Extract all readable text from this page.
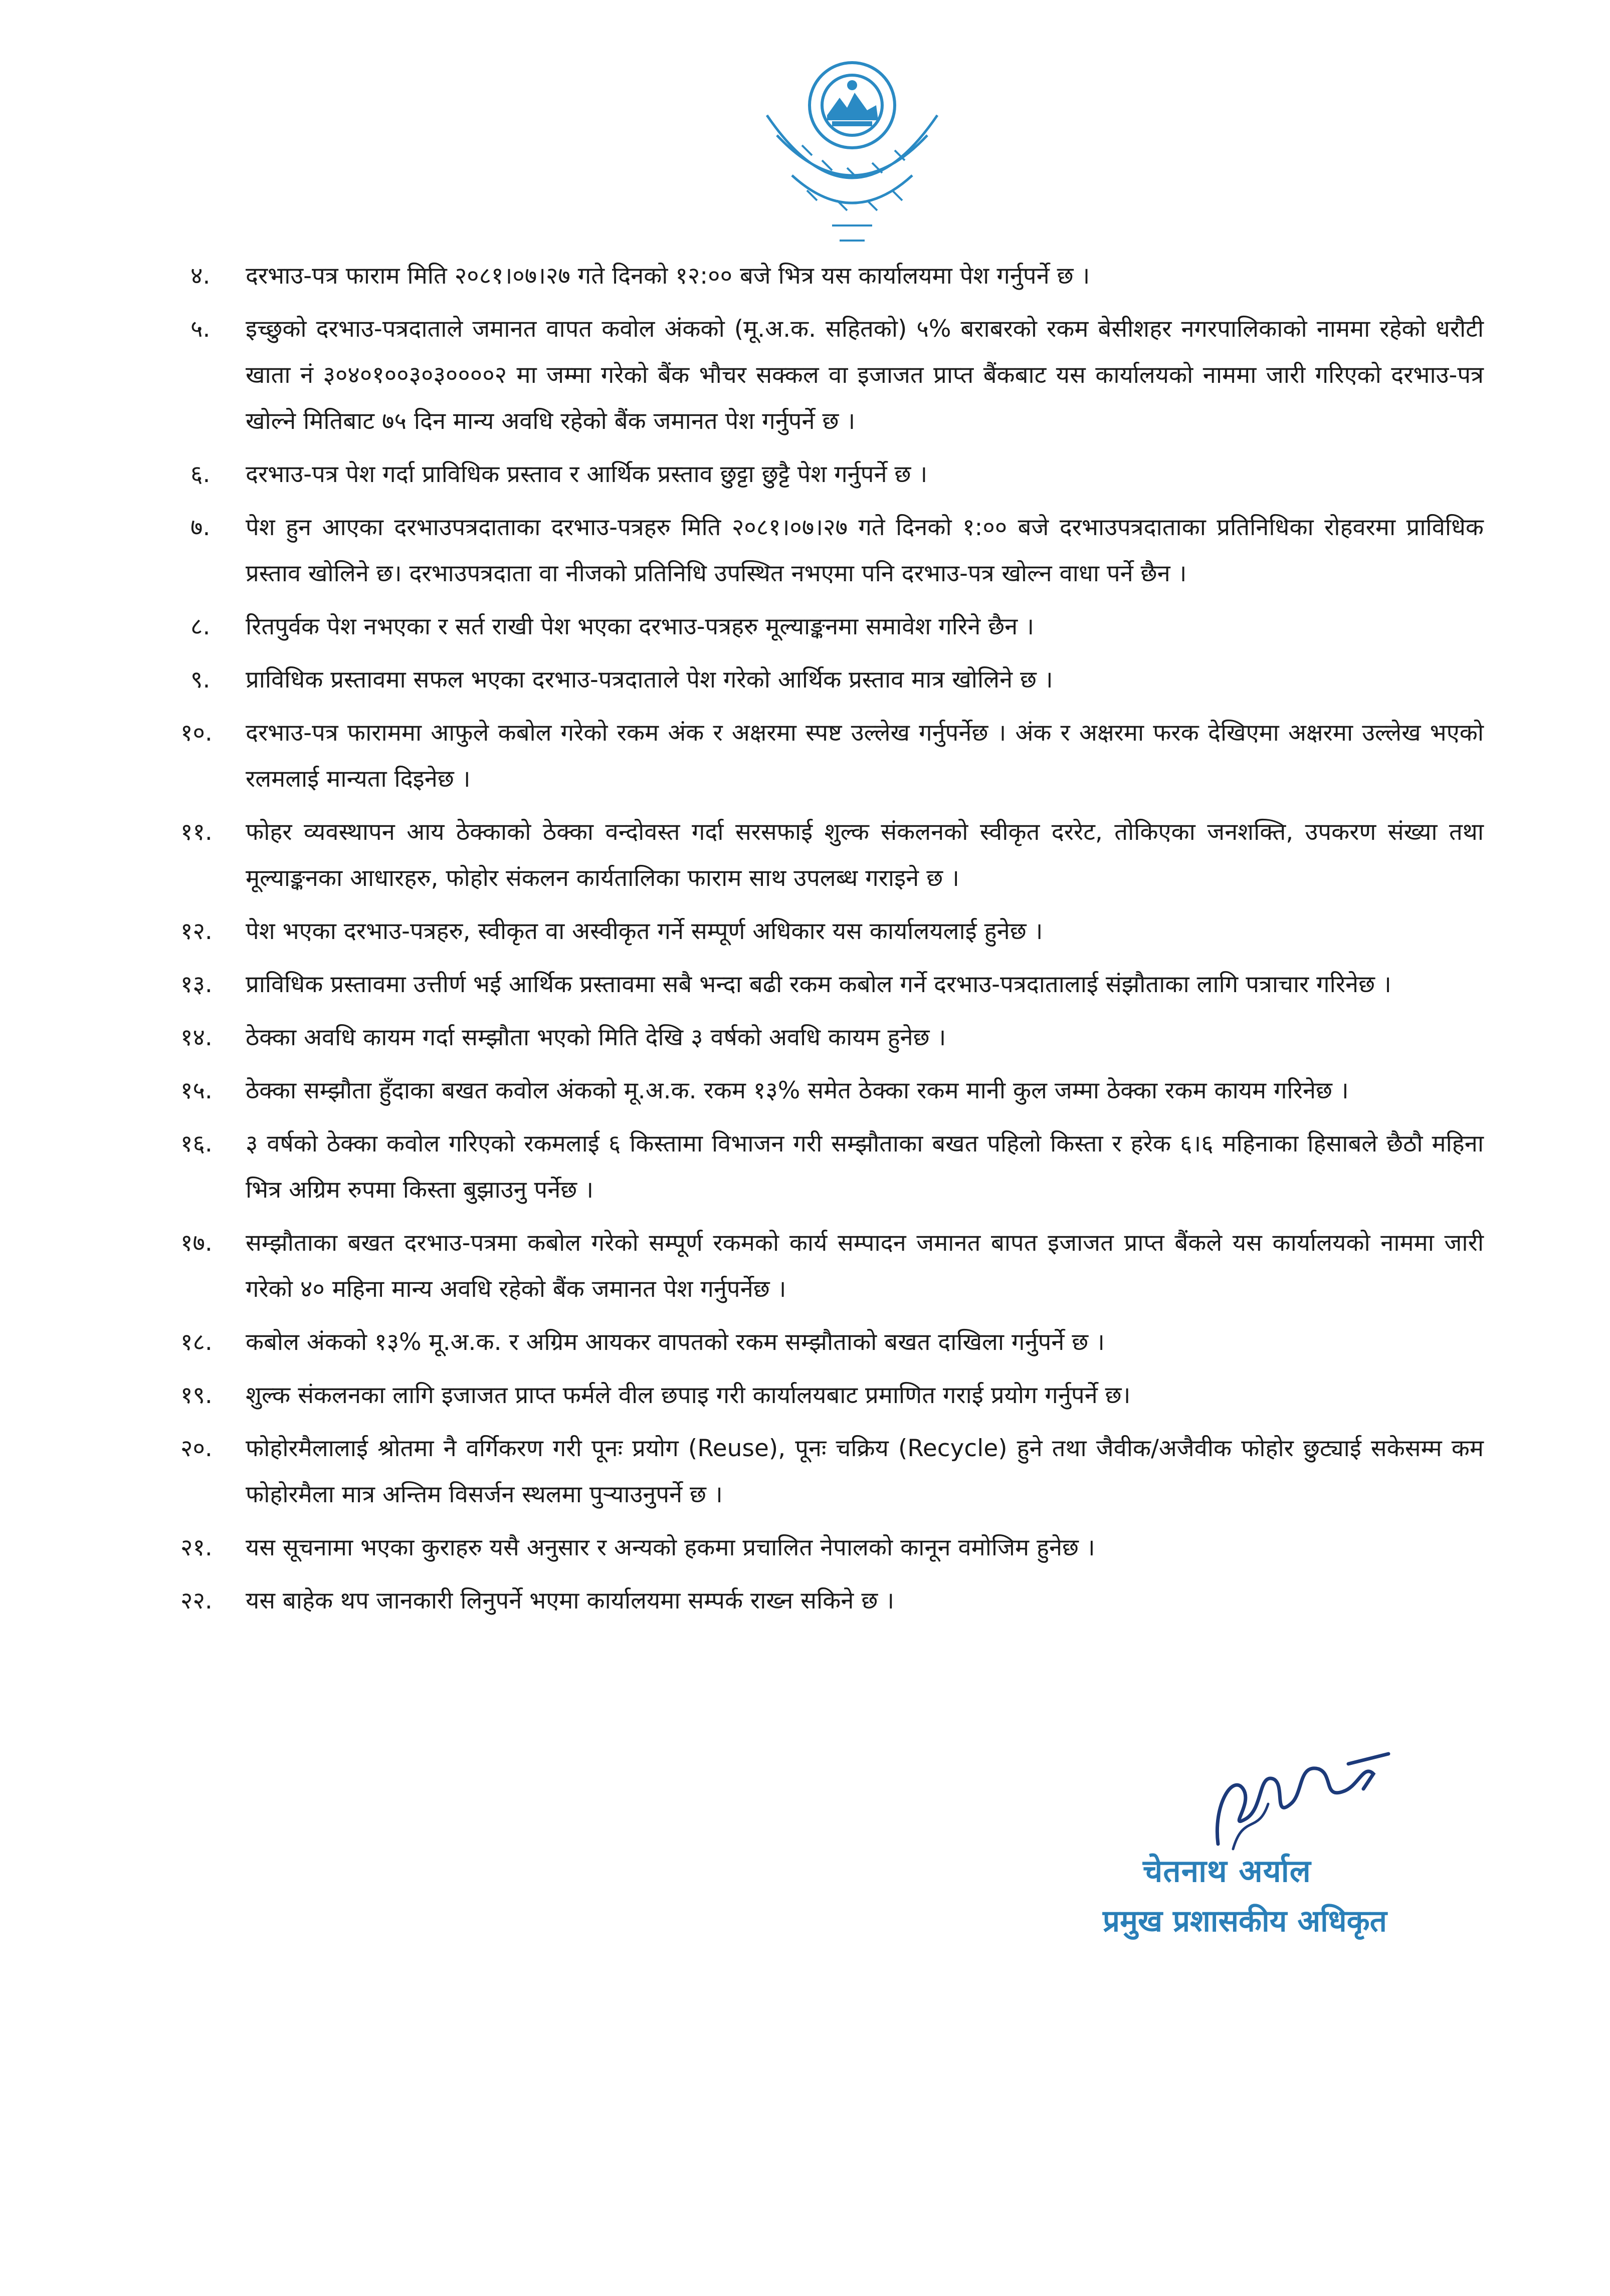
४. दरभाउ-पत्र फाराम मिति २०८१।०७।२७ गते दिनको १२:०० बजे भित्र यस कार्यालयमा पेश गर्नुपर्ने छ ।
५. इच्छुको दरभाउ-पत्रदाताले जमानत वापत कवोल अंकको (मू.अ.क. सहितको) ५% बराबरको रकम बेसीशहर नगरपालिकाको नाममा रहेको धरौटी खाता नं ३०४०१००३०३००००२ मा जम्मा गरेको बैंक भौचर सक्कल वा इजाजत प्राप्त बैंकबाट यस कार्यालयको नाममा जारी गरिएको दरभाउ-पत्र खोल्ने मितिबाट ७५ दिन मान्य अवधि रहेको बैंक जमानत पेश गर्नुपर्ने छ ।
६. दरभाउ-पत्र पेश गर्दा प्राविधिक प्रस्ताव र आर्थिक प्रस्ताव छुट्टा छुट्टै पेश गर्नुपर्ने छ ।
७. पेश हुन आएका दरभाउपत्रदाताका दरभाउ-पत्रहरु मिति २०८१।०७।२७ गते दिनको १:०० बजे दरभाउपत्रदाताका प्रतिनिधिका रोहवरमा प्राविधिक प्रस्ताव खोलिने छ। दरभाउपत्रदाता वा नीजको प्रतिनिधि उपस्थित नभएमा पनि दरभाउ-पत्र खोल्न वाधा पर्ने छैन ।
८. रितपुर्वक पेश नभएका र सर्त राखी पेश भएका दरभाउ-पत्रहरु मूल्याङ्कनमा समावेश गरिने छैन ।
९. प्राविधिक प्रस्तावमा सफल भएका दरभाउ-पत्रदाताले पेश गरेको आर्थिक प्रस्ताव मात्र खोलिने छ ।
१०. दरभाउ-पत्र फाराममा आफुले कबोल गरेको रकम अंक र अक्षरमा स्पष्ट उल्लेख गर्नुपर्नेछ । अंक र अक्षरमा फरक देखिएमा अक्षरमा उल्लेख भएको रलमलाई मान्यता दिइनेछ ।
११. फोहर व्यवस्थापन आय ठेक्काको ठेक्का वन्दोवस्त गर्दा सरसफाई शुल्क संकलनको स्वीकृत दररेट, तोकिएका जनशक्ति, उपकरण संख्या तथा मूल्याङ्कनका आधारहरु, फोहोर संकलन कार्यतालिका फाराम साथ उपलब्ध गराइने छ ।
१२. पेश भएका दरभाउ-पत्रहरु, स्वीकृत वा अस्वीकृत गर्ने सम्पूर्ण अधिकार यस कार्यालयलाई हुनेछ ।
१३. प्राविधिक प्रस्तावमा उत्तीर्ण भई आर्थिक प्रस्तावमा सबै भन्दा बढी रकम कबोल गर्ने दरभाउ-पत्रदातालाई संझौताका लागि पत्राचार गरिनेछ ।
१४. ठेक्का अवधि कायम गर्दा सम्झौता भएको मिति देखि ३ वर्षको अवधि कायम हुनेछ ।
१५. ठेक्का सम्झौता हुँदाका बखत कवोल अंकको मू.अ.क. रकम १३% समेत ठेक्का रकम मानी कुल जम्मा ठेक्का रकम कायम गरिनेछ ।
१६. ३ वर्षको ठेक्का कवोल गरिएको रकमलाई ६ किस्तामा विभाजन गरी सम्झौताका बखत पहिलो किस्ता र हरेक ६।६ महिनाका हिसाबले छैठौ महिना भित्र अग्रिम रुपमा किस्ता बुझाउनु पर्नेछ ।
१७. सम्झौताका बखत दरभाउ-पत्रमा कबोल गरेको सम्पूर्ण रकमको कार्य सम्पादन जमानत बापत इजाजत प्राप्त बैंकले यस कार्यालयको नाममा जारी गरेको ४० महिना मान्य अवधि रहेको बैंक जमानत पेश गर्नुपर्नेछ ।
१८. कबोल अंकको १३% मू.अ.क. र अग्रिम आयकर वापतको रकम सम्झौताको बखत दाखिला गर्नुपर्ने छ ।
१९. शुल्क संकलनका लागि इजाजत प्राप्त फर्मले वील छपाइ गरी कार्यालयबाट प्रमाणित गराई प्रयोग गर्नुपर्ने छ।
२०. फोहोरमैलालाई श्रोतमा नै वर्गिकरण गरी पूनः प्रयोग (Reuse), पूनः चक्रिय (Recycle) हुने तथा जैवीक/अजैवीक फोहोर छुट्याई सकेसम्म कम फोहोरमैला मात्र अन्तिम विसर्जन स्थलमा पुर्‍याउनुपर्ने छ ।
२१. यस सूचनामा भएका कुराहरु यसै अनुसार र अन्यको हकमा प्रचालित नेपालको कानून वमोजिम हुनेछ ।
२२. यस बाहेक थप जानकारी लिनुपर्ने भएमा कार्यालयमा सम्पर्क राख्न सकिने छ ।
चेतनाथ अर्याल
प्रमुख प्रशासकीय अधिकृत
